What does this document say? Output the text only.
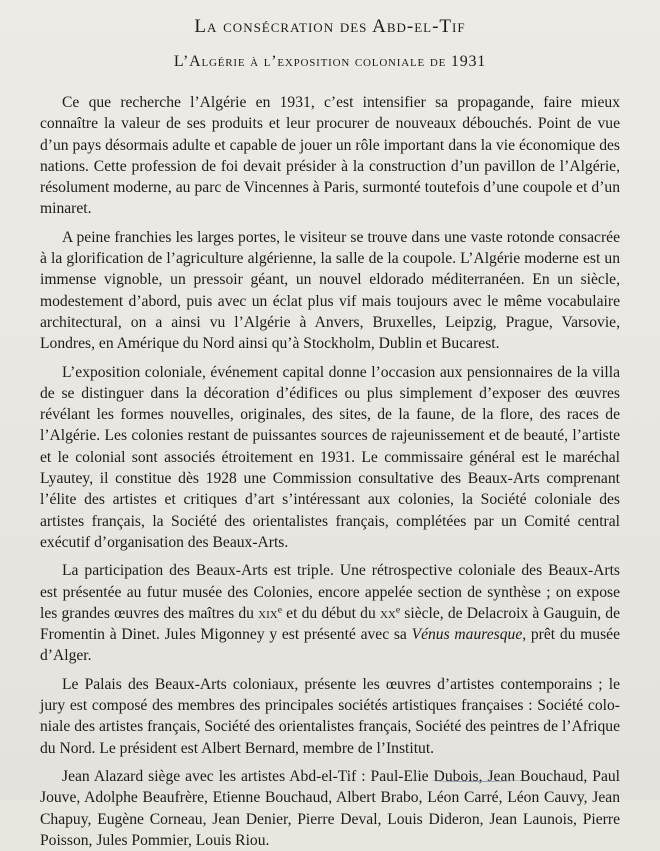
La consécration des Abd-el-Tif
L’Algérie à l’exposition coloniale de 1931

Ce que recherche l’Algérie en 1931, c’est intensifier sa propagande, faire mieux connaître la valeur de ses produits et leur procurer de nouveaux débouchés. Point de vue d’un pays désormais adulte et capable de jouer un rôle important dans la vie économique des nations. Cette profession de foi devait présider à la construction d’un pavillon de l’Algérie, résolument moderne, au parc de Vincennes à Paris, surmonté toutefois d’une coupole et d’un minaret.

A peine franchies les larges portes, le visiteur se trouve dans une vaste rotonde consacrée à la glorification de l’agriculture algérienne, la salle de la coupole. L’Algérie moderne est un immense vignoble, un pressoir géant, un nouvel eldorado méditerranéen. En un siècle, modestement d’abord, puis avec un éclat plus vif mais toujours avec le même vocabulaire architectural, on a ainsi vu l’Algérie à Anvers, Bruxelles, Leipzig, Prague, Varsovie, Londres, en Amérique du Nord ainsi qu’à Stockholm, Dublin et Bucarest.

L’exposition coloniale, événement capital donne l’occasion aux pensionnaires de la villa de se distinguer dans la décoration d’édifices ou plus simplement d’exposer des œuvres révélant les formes nouvelles, originales, des sites, de la faune, de la flore, des races de l’Algérie. Les colonies restant de puissantes sources de rajeunissement et de beauté, l’artiste et le colonial sont associés étroitement en 1931. Le commissaire général est le maréchal Lyautey, il constitue dès 1928 une Commission consultative des Beaux-Arts comprenant l’élite des artistes et critiques d’art s’intéressant aux colonies, la Société coloniale des artistes français, la Société des orientalistes français, complétées par un Comité central exécutif d’organisation des Beaux-Arts.

La participation des Beaux-Arts est triple. Une rétrospective coloniale des Beaux-Arts est présentée au futur musée des Colonies, encore appelée section de synthèse ; on expose les grandes œuvres des maîtres du xix$^e$ et du début du $xx^e$ siècle, de Delacroix à Gauguin, de Fromentin à Dinet. Jules Migonney y est présenté avec sa Vénus mauresque, prêt du musée d’Alger.

Le Palais des Beaux-Arts coloniaux, présente les œuvres d’artistes contemporains ; le jury est composé des membres des principales sociétés artistiques françaises : Société coloniale des artistes français, Société des orientalistes français, Société des peintres de l’Afrique du Nord. Le président est Albert Bernard, membre de l’Institut.

Jean Alazard siège avec les artistes Abd-el-Tif : Paul-Elie Dubois, Jean Bouchaud, Paul Jouve, Adolphe Beaufrère, Etienne Bouchaud, Albert Brabo, Léon Carré, Léon Cauvy, Jean Chapuy, Eugène Corneau, Jean Denier, Pierre Deval, Louis Dideron, Jean Launois, Pierre Poisson, Jules Pommier, Louis Riou.
